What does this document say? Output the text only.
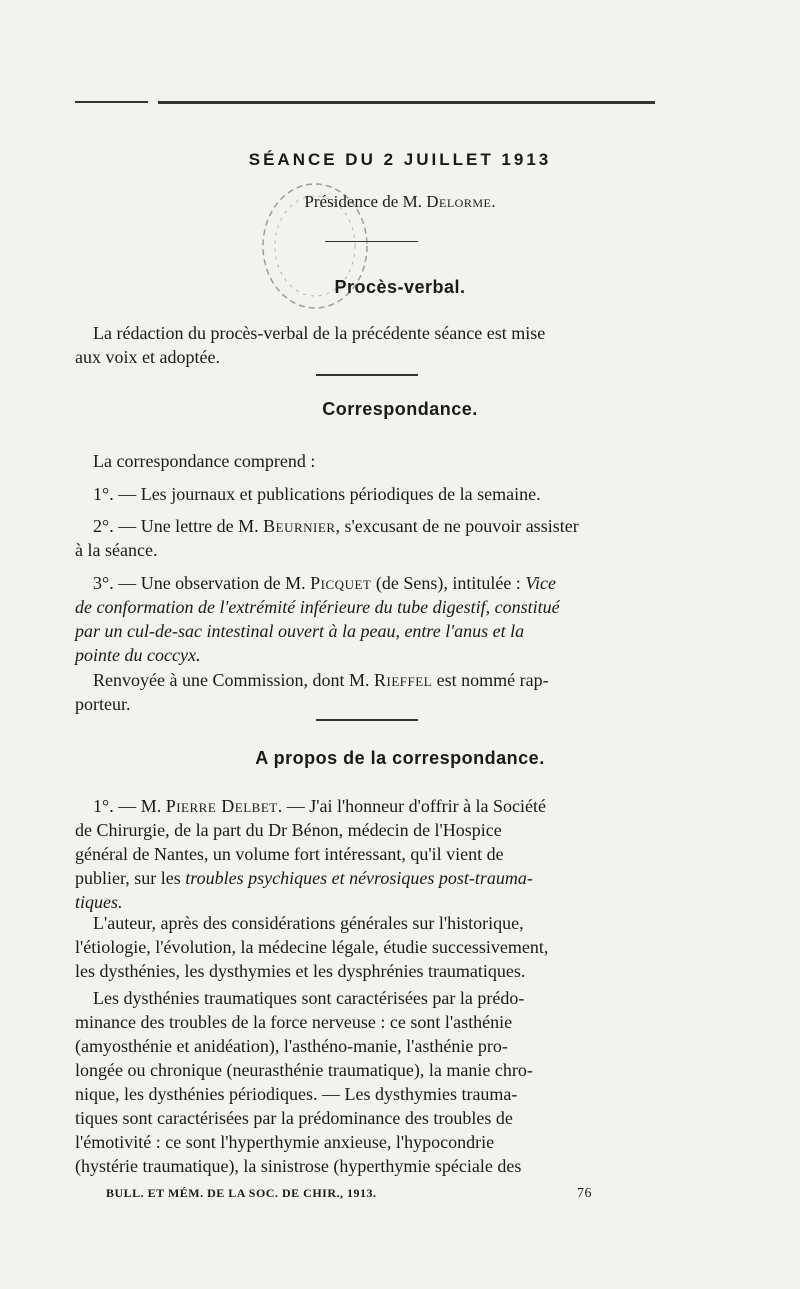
SÉANCE DU 2 JUILLET 1913
Présidence de M. Delorme.
Procès-verbal.
La rédaction du procès-verbal de la précédente séance est mise
aux voix et adoptée.
Correspondance.
La correspondance comprend :
1°. — Les journaux et publications périodiques de la semaine.
2°. — Une lettre de M. Beurnier, s'excusant de ne pouvoir assister
à la séance.
3°. — Une observation de M. Picquet (de Sens), intitulée : Vice
de conformation de l'extrémité inférieure du tube digestif, constitué
par un cul-de-sac intestinal ouvert à la peau, entre l'anus et la
pointe du coccyx.
Renvoyée à une Commission, dont M. Rieffel est nommé rap-
porteur.
A propos de la correspondance.
1°. — M. Pierre Delbet. — J'ai l'honneur d'offrir à la Société
de Chirurgie, de la part du Dr Bénon, médecin de l'Hospice
général de Nantes, un volume fort intéressant, qu'il vient de
publier, sur les troubles psychiques et névrosiques post-trauma-
tiques.
L'auteur, après des considérations générales sur l'historique,
l'étiologie, l'évolution, la médecine légale, étudie successivement,
les dysthénies, les dysthymies et les dysphrénies traumatiques.
Les dysthénies traumatiques sont caractérisées par la prédo-
minance des troubles de la force nerveuse : ce sont l'asthénie
(amyosthénie et anidéation), l'asthéno-manie, l'asthénie pro-
longée ou chronique (neurasthénie traumatique), la manie chro-
nique, les dysthénies périodiques. — Les dysthymies trauma-
tiques sont caractérisées par la prédominance des troubles de
l'émotivité : ce sont l'hyperthymie anxieuse, l'hypocondrie
(hystérie traumatique), la sinistrose (hyperthymie spéciale des
BULL. ET MÉM. DE LA SOC. DE CHIR., 1913.	76
